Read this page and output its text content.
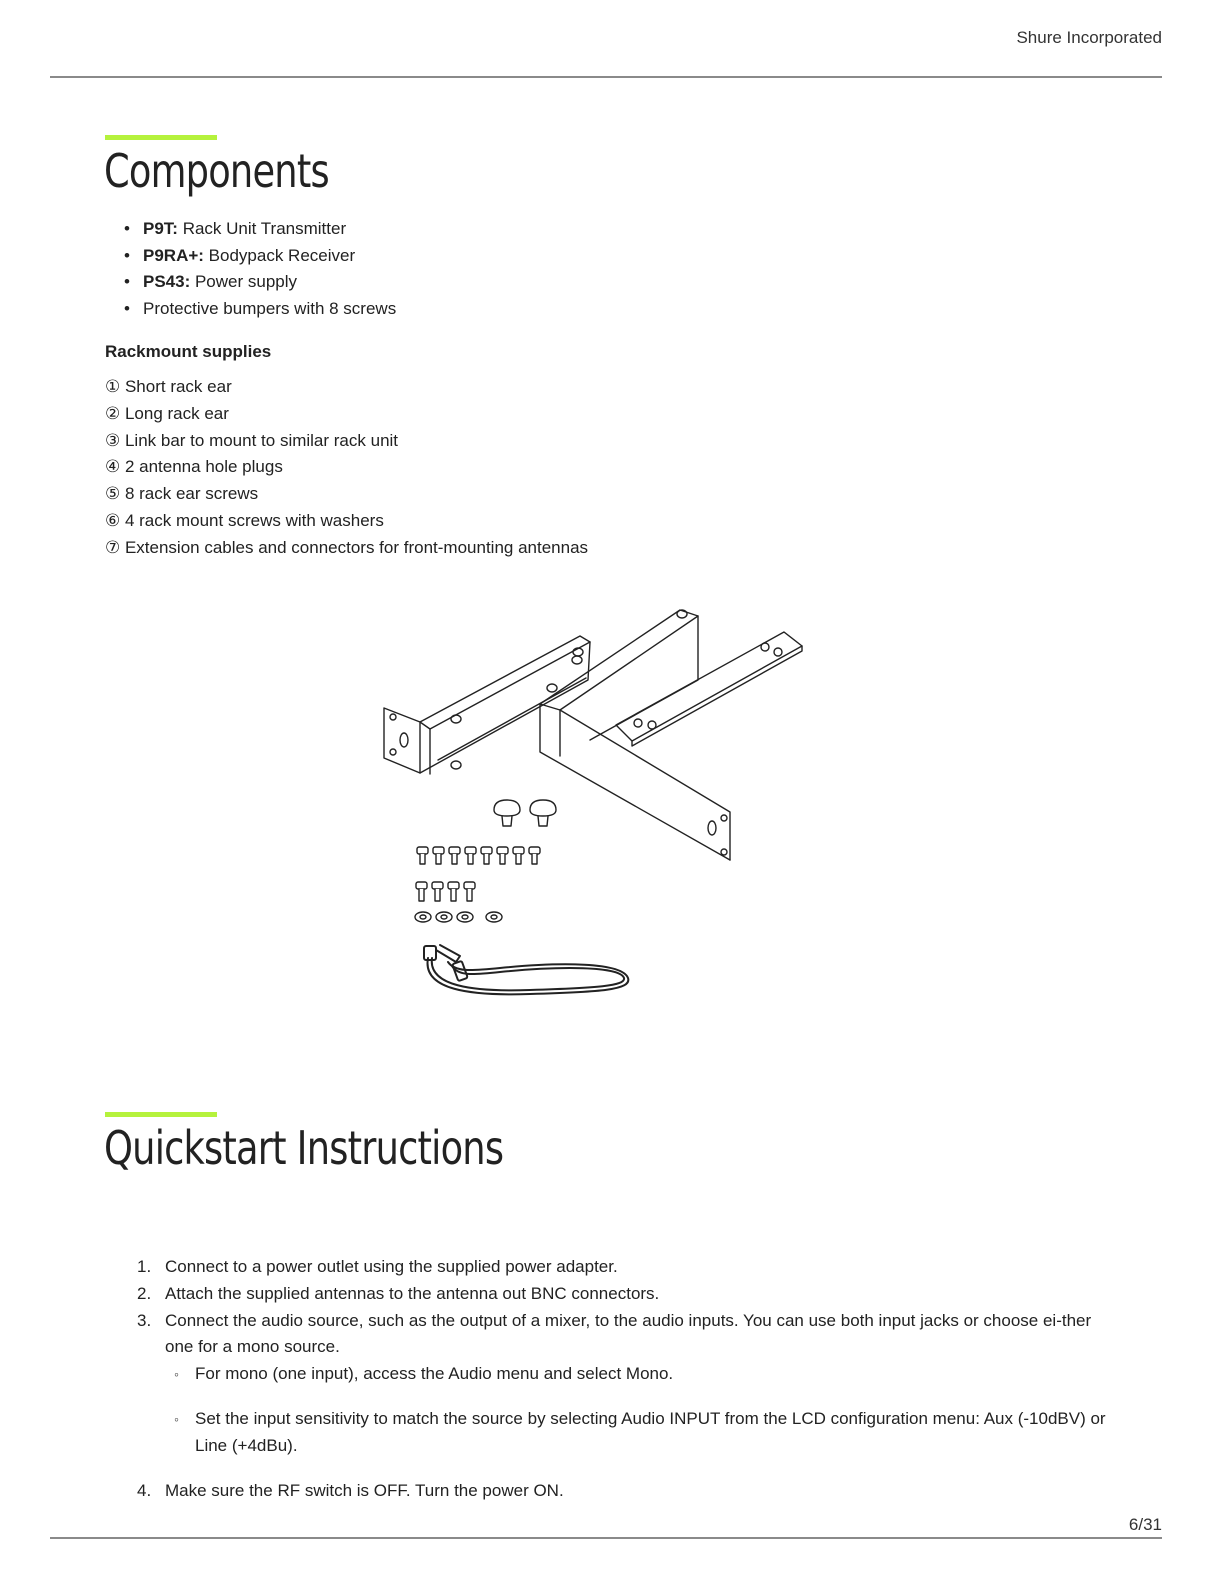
Shure Incorporated
Components
• P9T: Rack Unit Transmitter
• P9RA+: Bodypack Receiver
• PS43: Power supply
• Protective bumpers with 8 screws
Rackmount supplies
① Short rack ear
② Long rack ear
③ Link bar to mount to similar rack unit
④ 2 antenna hole plugs
⑤ 8 rack ear screws
⑥ 4 rack mount screws with washers
⑦ Extension cables and connectors for front-mounting antennas
Quickstart Instructions
1. Connect to a power outlet using the supplied power adapter.
2. Attach the supplied antennas to the antenna out BNC connectors.
3. Connect the audio source, such as the output of a mixer, to the audio inputs. You can use both input jacks or choose ei-ther one for a mono source.
◦ For mono (one input), access the Audio menu and select Mono.
◦ Set the input sensitivity to match the source by selecting Audio INPUT from the LCD configuration menu: Aux (-10dBV) or Line (+4dBu).
4. Make sure the RF switch is OFF. Turn the power ON.
6/31
